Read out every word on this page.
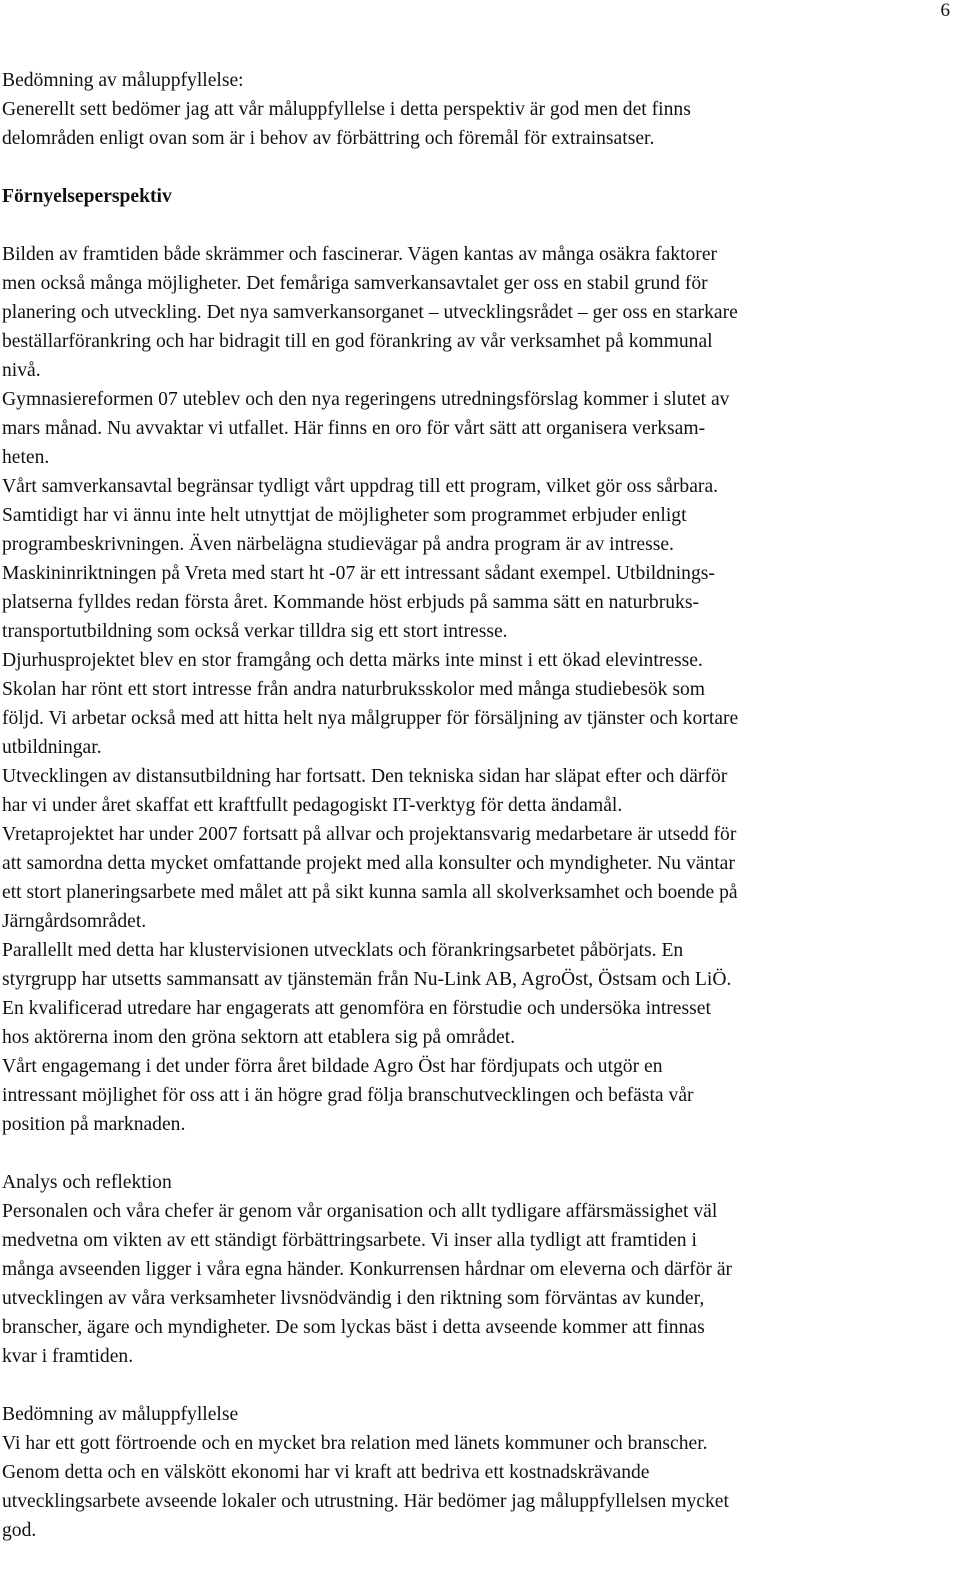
6

Bedömning av måluppfyllelse:

Generellt sett bedömer jag att vår måluppfyllelse i detta perspektiv är god men det finns
delområden enligt ovan som är i behov av förbättring och föremål för extrainsatser.

Förnyelseperspektiv

Bilden av framtiden både skrämmer och fascinerar. Vägen kantas av många osäkra faktorer
men också många möjligheter. Det femåriga samverkansavtalet ger oss en stabil grund för
planering och utveckling. Det nya samverkansorganet – utvecklingsrådet – ger oss en starkare
beställarförankring och har bidragit till en god förankring av vår verksamhet på kommunal
nivå.
Gymnasiereformen 07 uteblev och den nya regeringens utredningsförslag kommer i slutet av
mars månad. Nu avvaktar vi utfallet. Här finns en oro för vårt sätt att organisera verksam-
heten.
Vårt samverkansavtal begränsar tydligt vårt uppdrag till ett program, vilket gör oss sårbara.
Samtidigt har vi ännu inte helt utnyttjat de möjligheter som programmet erbjuder enligt
programbeskrivningen. Även närbelägna studievägar på andra program är av intresse.
Maskininriktningen på Vreta med start ht -07 är ett intressant sådant exempel. Utbildnings-
platserna fylldes redan första året. Kommande höst erbjuds på samma sätt en naturbruks-
transportutbildning som också verkar tilldra sig ett stort intresse.
Djurhusprojektet blev en stor framgång och detta märks inte minst i ett ökad elevintresse.
Skolan har rönt ett stort intresse från andra naturbruksskolor med många studiebesök som
följd. Vi arbetar också med att hitta helt nya målgrupper för försäljning av tjänster och kortare
utbildningar.
Utvecklingen av distansutbildning har fortsatt. Den tekniska sidan har släpat efter och därför
har vi under året skaffat ett kraftfullt pedagogiskt IT-verktyg för detta ändamål.
Vretaprojektet har under 2007 fortsatt på allvar och projektansvarig medarbetare är utsedd för
att samordna detta mycket omfattande projekt med alla konsulter och myndigheter. Nu väntar
ett stort planeringsarbete med målet att på sikt kunna samla all skolverksamhet och boende på
Järngårdsområdet.
Parallellt med detta har klustervisionen utvecklats och förankringsarbetet påbörjats. En
styrgrupp har utsetts sammansatt av tjänstemän från Nu-Link AB, AgroÖst, Östsam och LiÖ.
En kvalificerad utredare har engagerats att genomföra en förstudie och undersöka intresset
hos aktörerna inom den gröna sektorn att etablera sig på området.
Vårt engagemang i det under förra året bildade Agro Öst har fördjupats och utgör en
intressant möjlighet för oss att i än högre grad följa branschutvecklingen och befästa vår
position på marknaden.

Analys och reflektion

Personalen och våra chefer är genom vår organisation och allt tydligare affärsmässighet väl
medvetna om vikten av ett ständigt förbättringsarbete. Vi inser alla tydligt att framtiden i
många avseenden ligger i våra egna händer. Konkurrensen hårdnar om eleverna och därför är
utvecklingen av våra verksamheter livsnödvändig i den riktning som förväntas av kunder,
branscher, ägare och myndigheter. De som lyckas bäst i detta avseende kommer att finnas
kvar i framtiden.

Bedömning av måluppfyllelse

Vi har ett gott förtroende och en mycket bra relation med länets kommuner och branscher.
Genom detta och en välskött ekonomi har vi kraft att bedriva ett kostnadskrävande
utvecklingsarbete avseende lokaler och utrustning. Här bedömer jag måluppfyllelsen mycket
god.
